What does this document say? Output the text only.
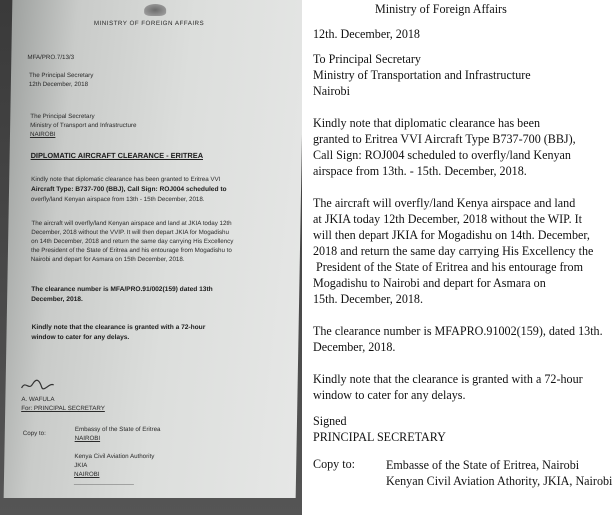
MINISTRY OF FOREIGN AFFAIRS
MFA/PRO.7/13/3
The Principal Secretary
12th December, 2018
The Principal Secretary
Ministry of Transport and Infrastructure
NAIROBI
DIPLOMATIC AIRCRAFT CLEARANCE - ERITREA
Kindly note that diplomatic clearance has been granted to Eritrea VVI
Aircraft Type: B737-700 (BBJ), Call Sign: ROJ004 scheduled to
overfly/land Kenyan airspace from 13th - 15th December, 2018.
The aircraft will overfly/land Kenyan airspace and land at JKIA today 12th
December, 2018 without the VVIP. It will then depart JKIA for Mogadishu
on 14th December, 2018 and return the same day carrying His Excellency
the President of the State of Eritrea and his entourage from Mogadishu to
Nairobi and depart for Asmara on 15th December, 2018.
The clearance number is MFA/PRO.91/002(159) dated 13th
December, 2018.
Kindly note that the clearance is granted with a 72-hour
window to cater for any delays.
A. WAFULA
For: PRINCIPAL SECRETARY
Copy to:
Embassy of the State of Eritrea
NAIROBI
Kenya Civil Aviation Authority
JKIA
NAIROBI
Ministry of Foreign Affairs

12th. December, 2018

To Principal Secretary

Ministry of Transportation and Infrastructure

Nairobi

Kindly note that diplomatic clearance has been

granted to Eritrea VVI Aircraft Type B737-700 (BBJ),

Call Sign: ROJ004 scheduled to overfly/land Kenyan

airspace from 13th. - 15th. December, 2018.

The aircraft will overfly/land Kenya airspace and land

at JKIA today 12th December, 2018 without the WIP. It

will then depart JKIA for Mogadishu on 14th. December,

2018 and return the same day carrying His Excellency the

President of the State of Eritrea and his entourage from

Mogadishu to Nairobi and depart for Asmara on

15th. December, 2018.

The clearance number is MFAPRO.91002(159), dated 13th.

December, 2018.

Kindly note that the clearance is granted with a 72-hour

window to cater for any delays.

Signed

PRINCIPAL SECRETARY

Copy to:	Embasse of the State of Eritrea, Nairobi
Kenyan Civil Aviation Athority, JKIA, Nairobi
